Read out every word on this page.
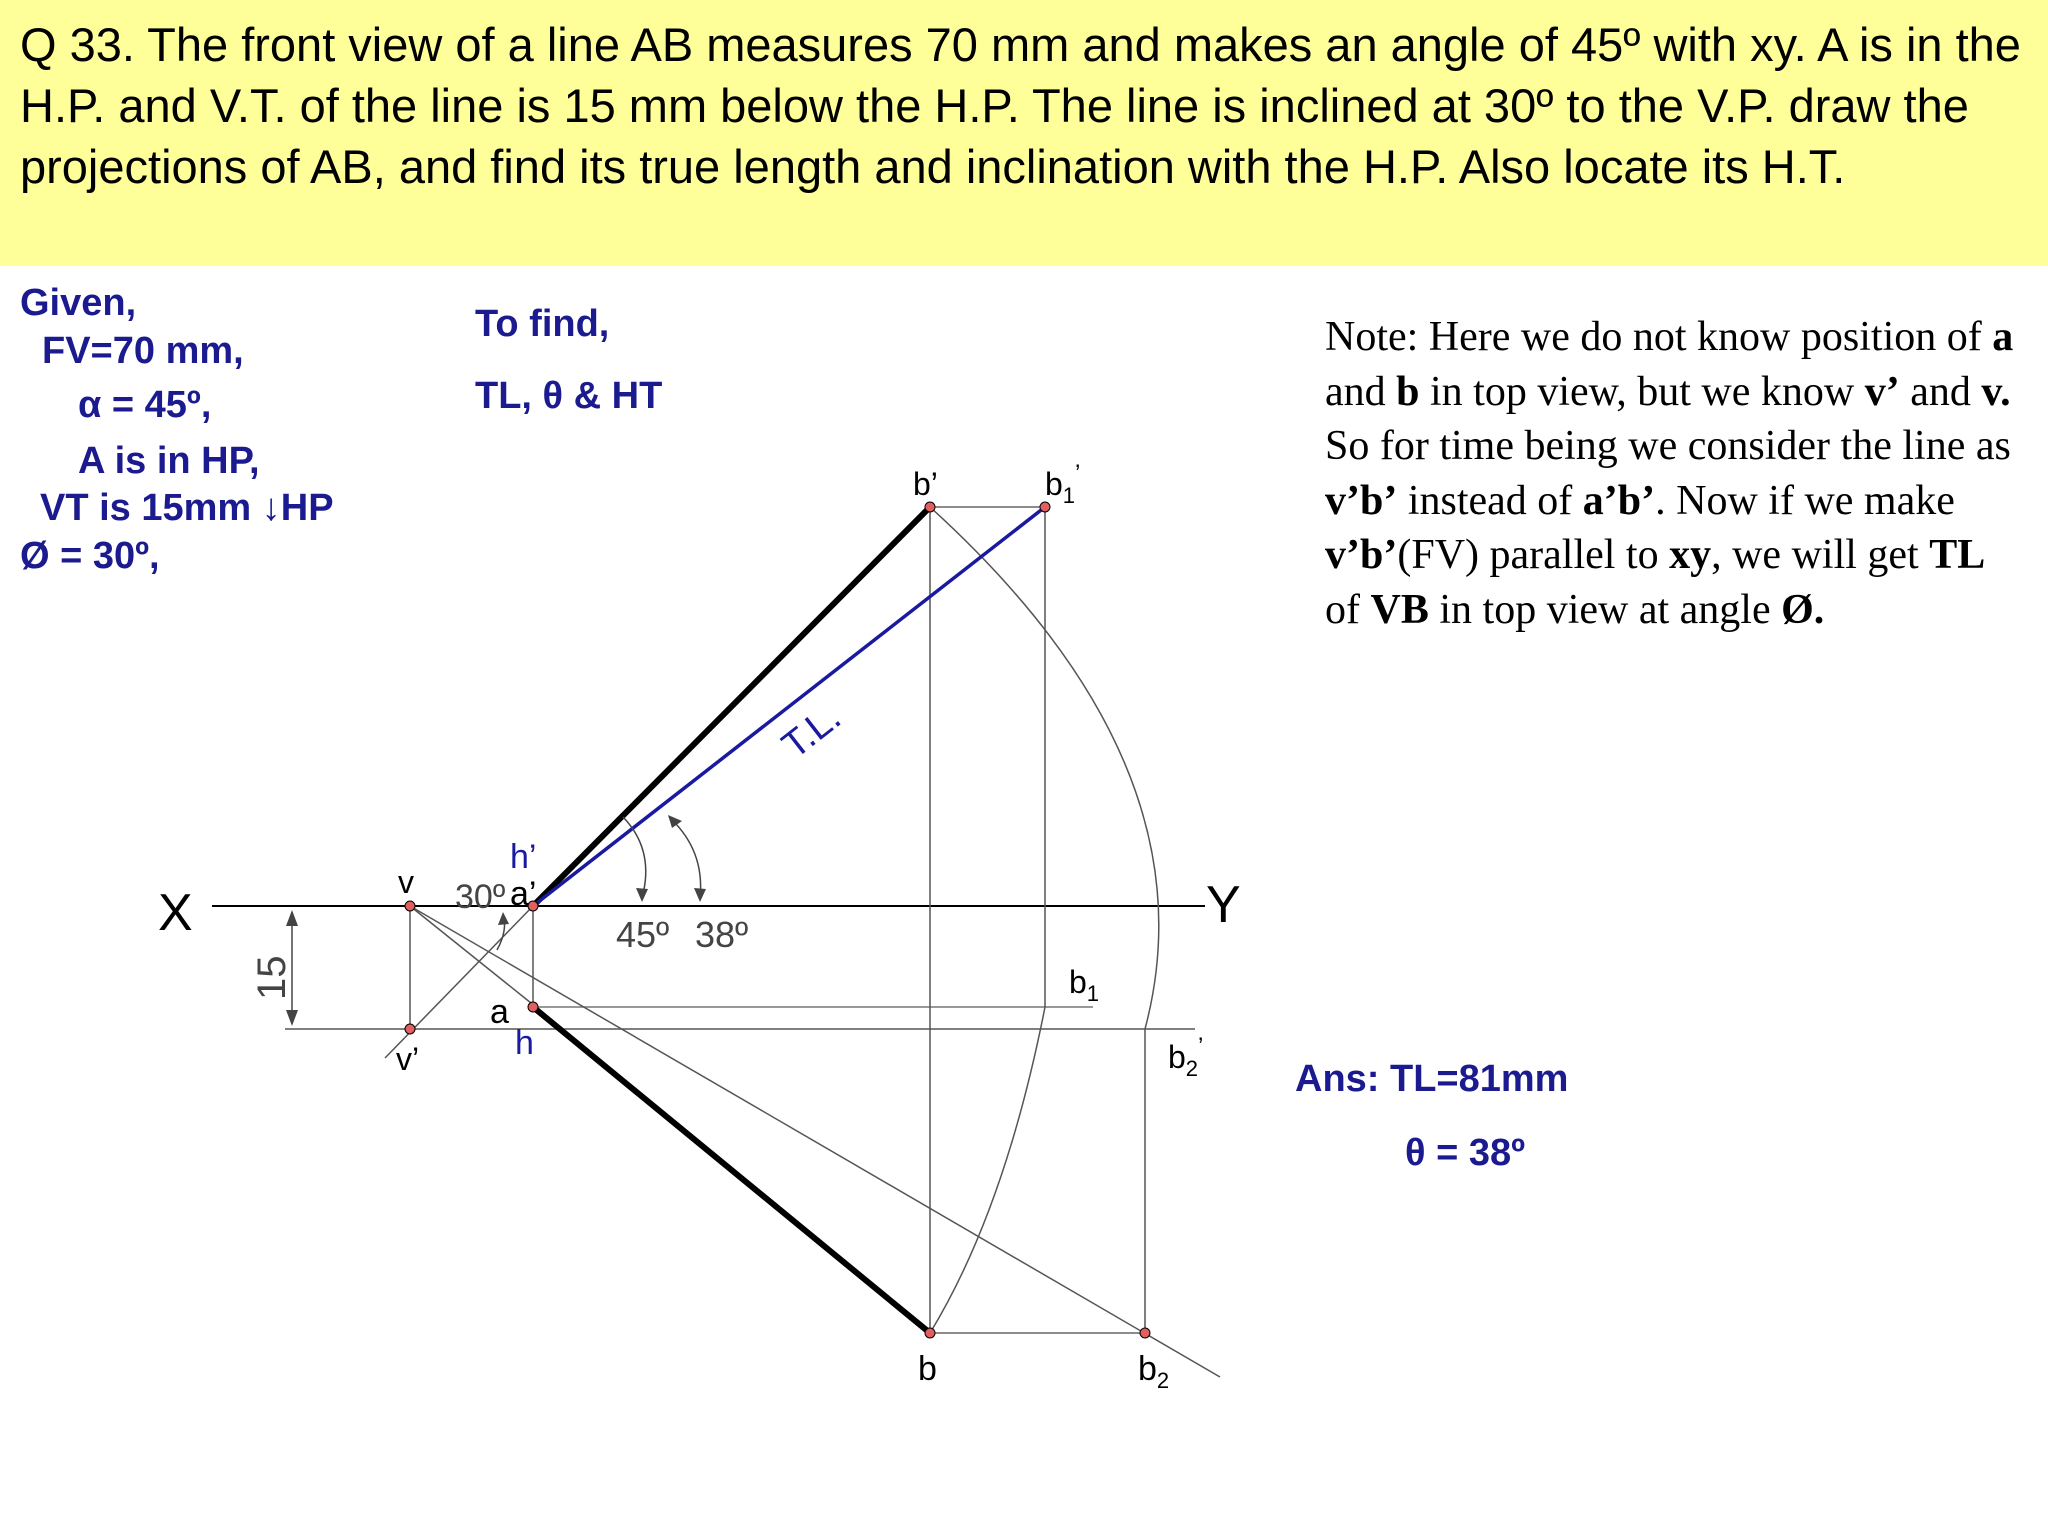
Q 33. The front view of a line AB measures 70 mm and makes an angle of 45º with xy. A is in the H.P. and V.T. of the line is 15 mm below the H.P. The line is inclined at 30º to the V.P. draw the projections of AB, and find its true length and inclination with the H.P. Also locate its H.T.

Given,
FV=70 mm,
α = 45º,
A is in HP,
VT is 15mm ↓HP
Ø = 30º,
To find,
TL, θ & HT
Note: Here we do not know position of a and b in top view, but we know v’ and v. So for time being we consider the line as v’b’ instead of a’b’. Now if we make v’b’(FV) parallel to xy, we will get TL of VB in top view at angle Ø.
Ans: TL=81mm
θ = 38º
X	Y
15
30º
45º 38º
T.L.
v
v’
h’
a’
a
h
b’	$b_1^’$
$b_1$
$b_2^’$
b	$b_2$
